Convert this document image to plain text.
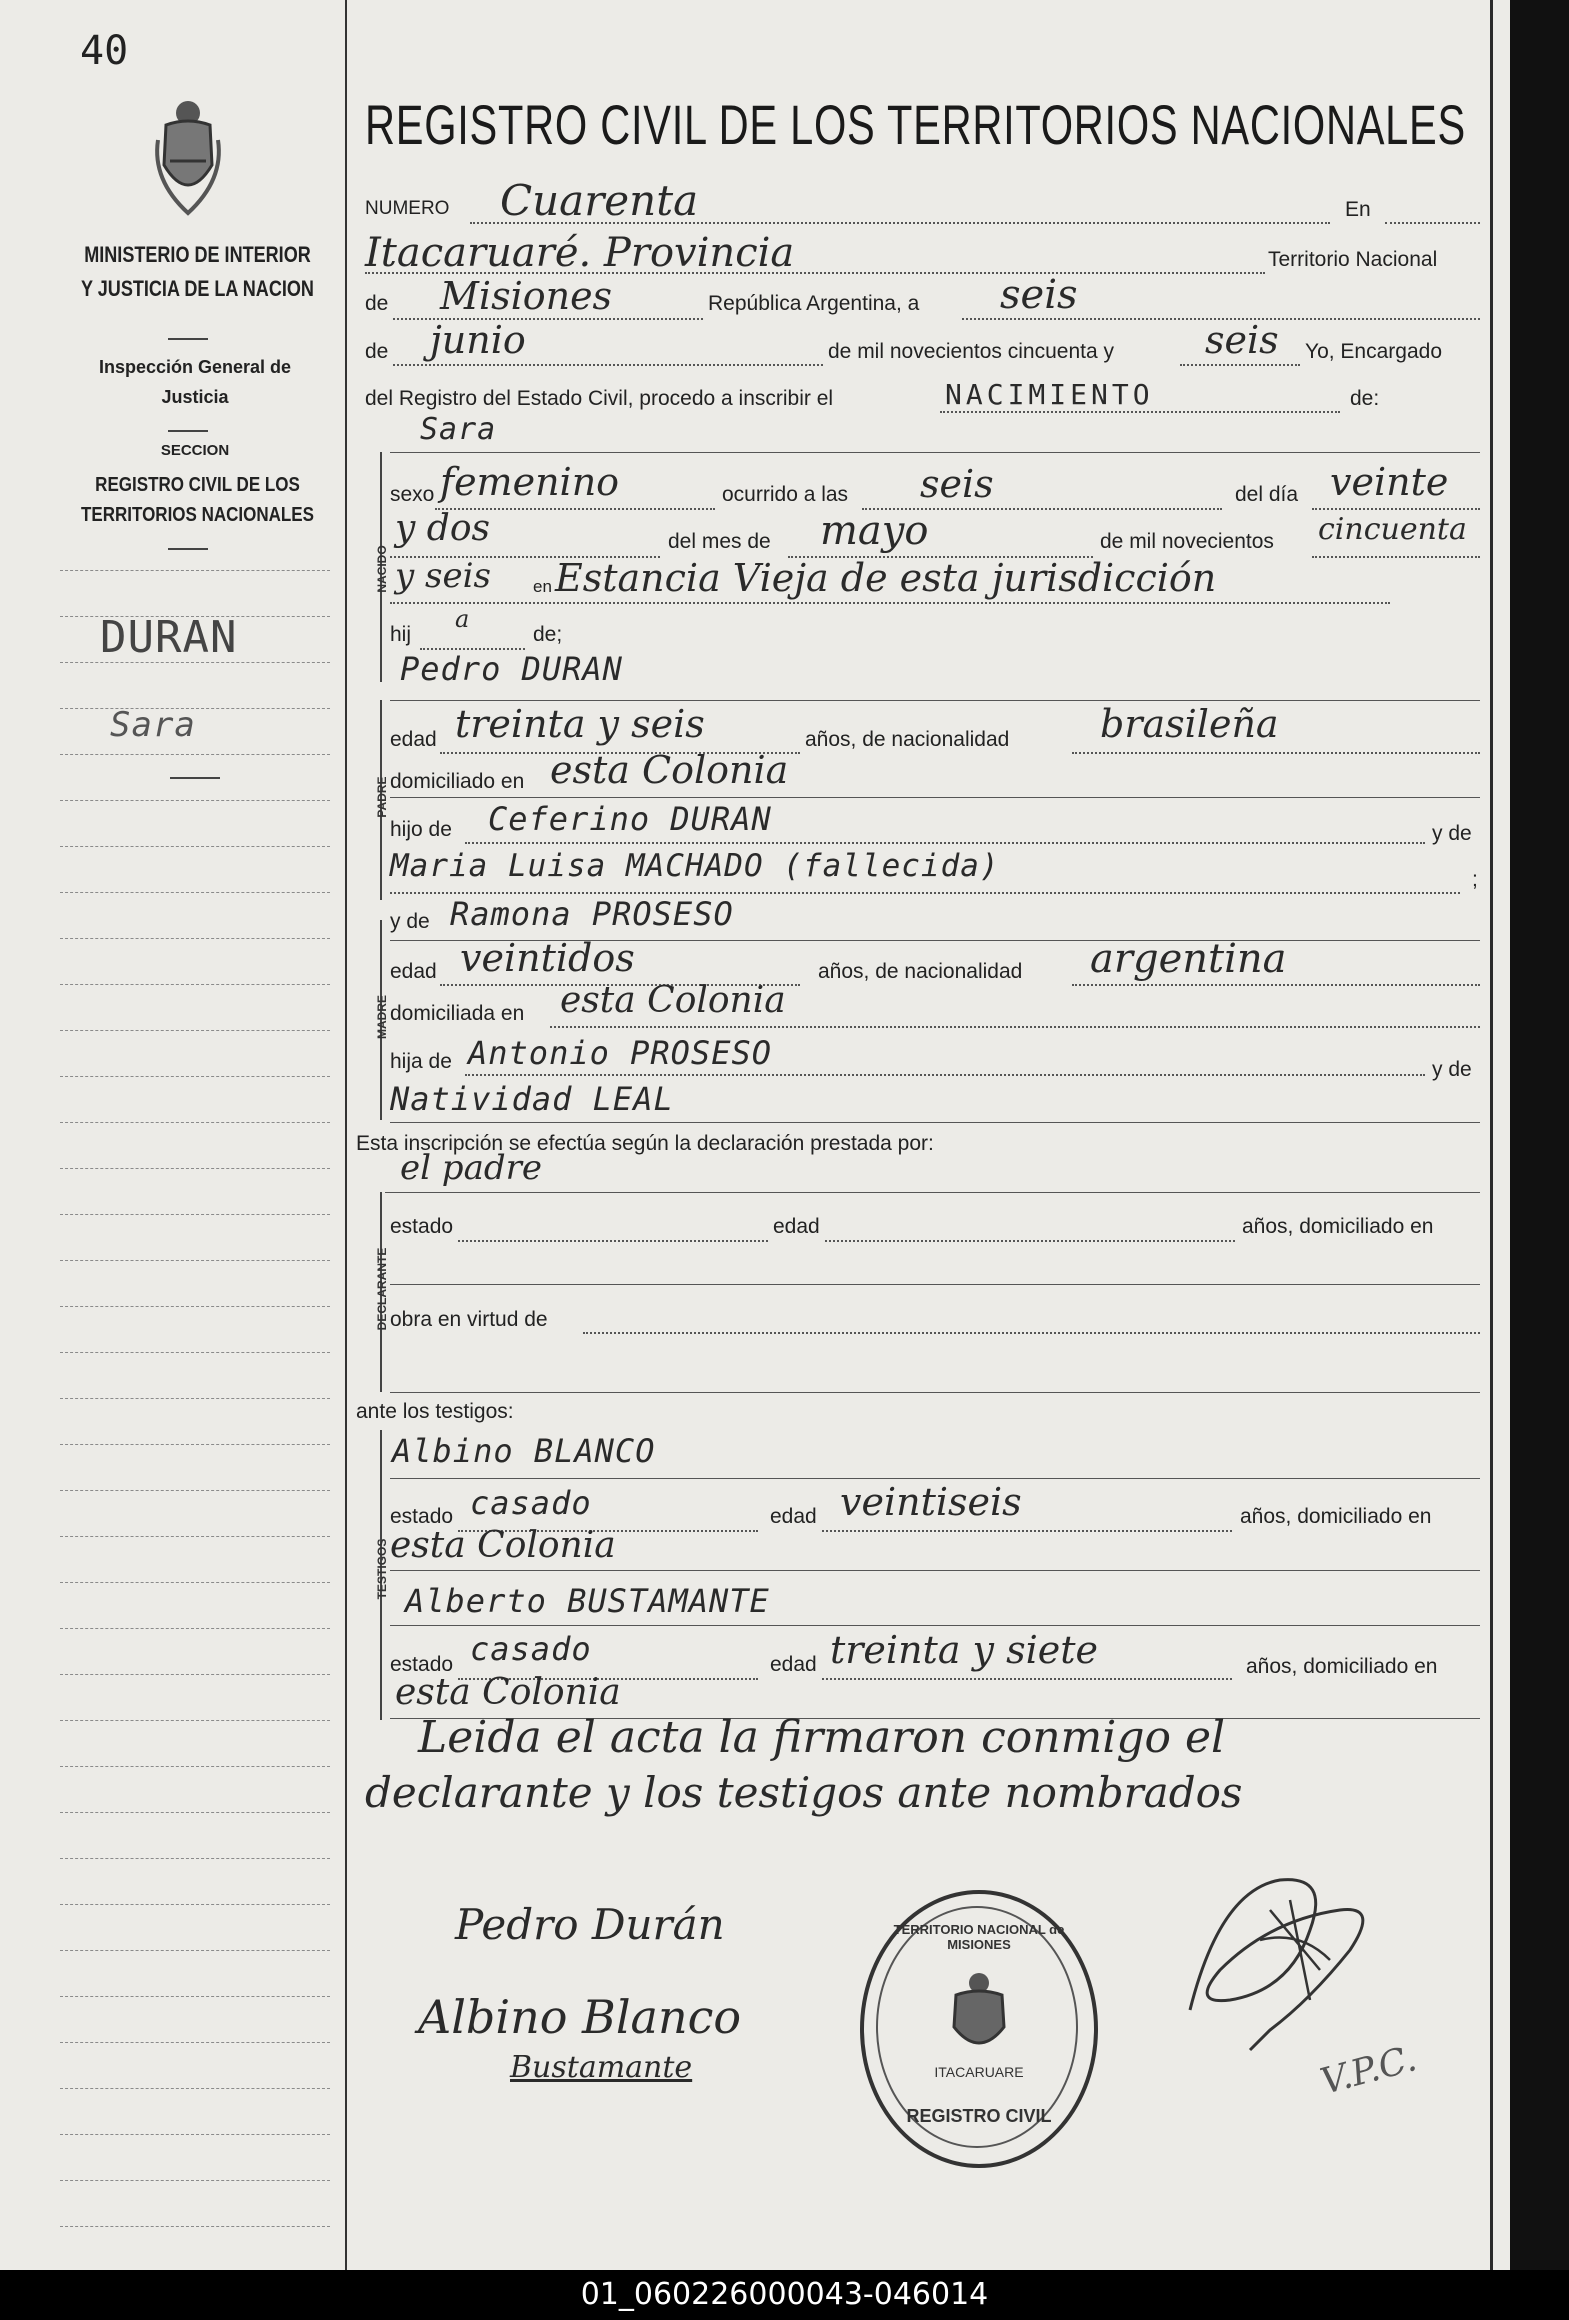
40
MINISTERIO DE INTERIOR Y JUSTICIA DE LA NACION
Inspección General de Justicia
SECCION
REGISTRO CIVIL DE LOS TERRITORIOS NACIONALES
DURAN
Sara
REGISTRO CIVIL DE LOS TERRITORIOS NACIONALES
NUMERO Cuarenta	En
Itacaruaré. Provincia	Territorio Nacional
de Misiones	República Argentina, a seis
de junio	de mil novecientos cincuenta y seis Yo, Encargado
del Registro del Estado Civil, procedo a inscribir el	NACIMIENTO	de:
NACIDO
Sara
sexo femenino	ocurrido a las seis	del día veinte
y dos	del mes de mayo	de mil novecientos cincuenta
y seis en Estancia Vieja de esta jurisdicción
hij
a
de;
Pedro DURAN
PADRE
edad treinta y seis	años, de nacionalidad brasileña
domiciliado en esta Colonia
hijo de Ceferino DURAN	y de
Maria Luisa MACHADO (fallecida)	;
y de Ramona PROSESO
MADRE
edad veintidos	años, de nacionalidad argentina
domiciliada en esta Colonia
hija de Antonio PROSESO	y de
Natividad LEAL
Esta inscripción se efectúa según la declaración prestada por:
el padre
DECLARANTE
estado	edad	años, domiciliado en
obra en virtud de
ante los testigos:
TESTIGOS
Albino BLANCO
estado casado	edad veintiseis	años, domiciliado en
esta Colonia
Alberto BUSTAMANTE
estado casado	edad treinta y siete	años, domiciliado en
esta Colonia
Leida el acta la firmaron conmigo el
declarante y los testigos ante nombrados
Pedro Durán
Albino Blanco
Bustamante
TERRITORIO NACIONAL de MISIONES
ITACARUARE
REGISTRO CIVIL
V.P.C.
01_060226000043-046014
